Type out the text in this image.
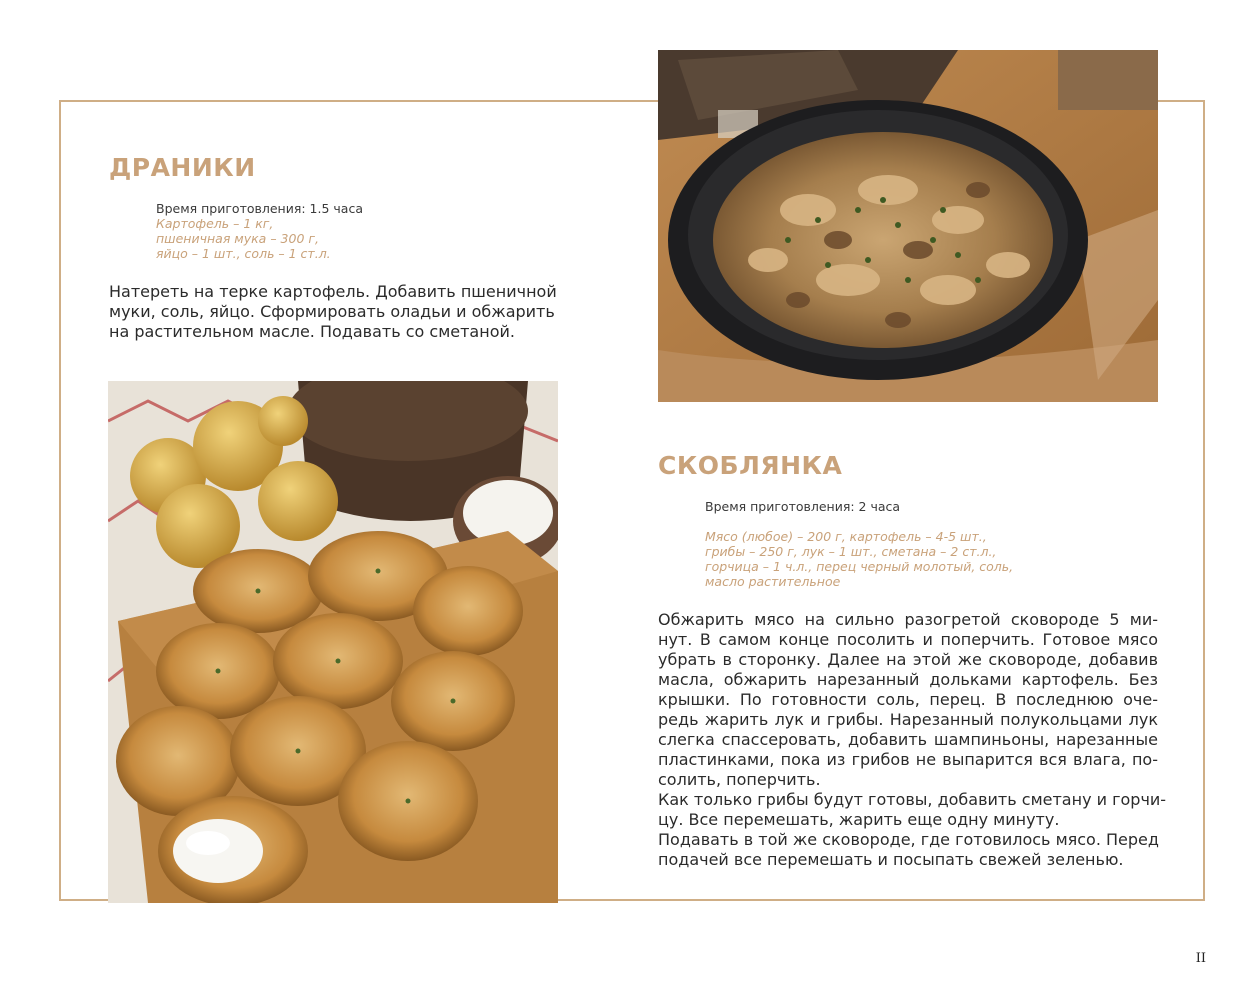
ДРАНИКИ
Время приготовления: 1.5 часа
Картофель – 1 кг,
пшеничная мука – 300 г,
яйцо – 1 шт., соль – 1 ст.л.
Натереть на терке картофель. Добавить пшеничной
муки, соль, яйцо. Сформировать оладьи и обжарить
на растительном масле. Подавать со сметаной.
СКОБЛЯНКА
Время приготовления: 2 часа
Мясо (любое) – 200 г, картофель – 4-5 шт.,
грибы – 250 г, лук – 1 шт., сметана – 2 ст.л.,
горчица – 1 ч.л., перец черный молотый, соль,
масло растительное
Обжарить мясо на сильно разогретой сковороде 5 ми-
нут. В самом конце посолить и поперчить. Готовое мясо
убрать в сторонку. Далее на этой же сковороде, добавив
масла, обжарить нарезанный дольками картофель. Без
крышки. По готовности соль, перец. В последнюю оче-
редь жарить лук и грибы. Нарезанный полукольцами лук
слегка спассеровать, добавить шампиньоны, нарезанные
пластинками, пока из грибов не выпарится вся влага, по-
солить, поперчить.
Как только грибы будут готовы, добавить сметану и горчи-
цу. Все перемешать, жарить еще одну минуту.
Подавать в той же сковороде, где готовилось мясо. Перед
подачей все перемешать и посыпать свежей зеленью.
II
